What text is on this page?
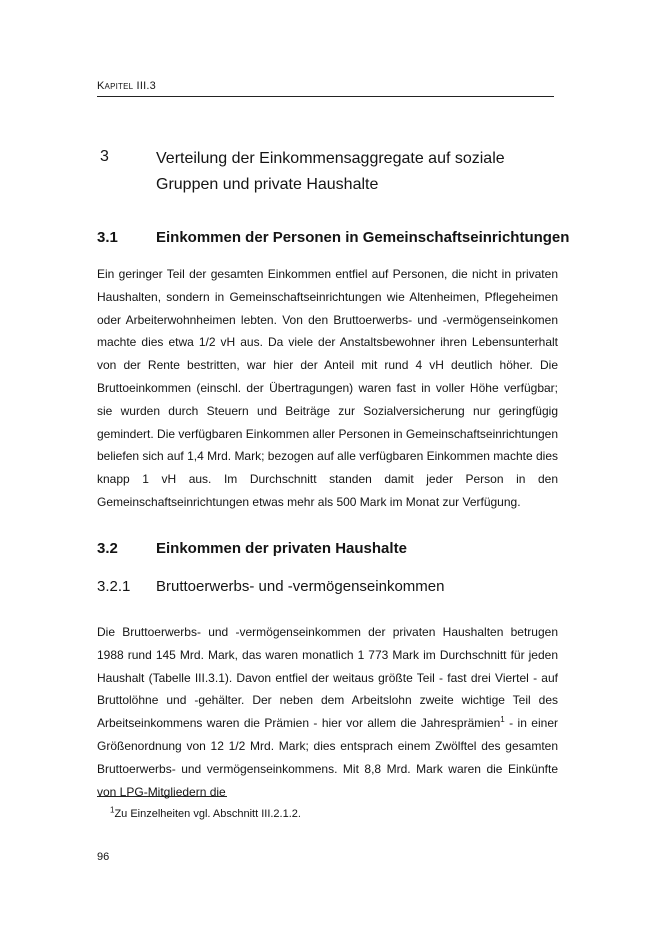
Kapitel III.3
3	Verteilung der Einkommensaggregate auf soziale Gruppen und private Haushalte
3.1	Einkommen der Personen in Gemeinschaftseinrichtungen
Ein geringer Teil der gesamten Einkommen entfiel auf Personen, die nicht in privaten Haushalten, sondern in Gemeinschaftseinrichtungen wie Altenheimen, Pflegeheimen oder Arbeiterwohnheimen lebten. Von den Bruttoerwerbs- und -vermögenseinkomen machte dies etwa 1/2 vH aus. Da viele der Anstaltsbewohner ihren Lebensunterhalt von der Rente bestritten, war hier der Anteil mit rund 4 vH deutlich höher. Die Bruttoeinkommen (einschl. der Übertragungen) waren fast in voller Höhe verfügbar; sie wurden durch Steuern und Beiträge zur Sozialversicherung nur geringfügig gemindert. Die verfügbaren Einkommen aller Personen in Gemeinschaftseinrichtungen beliefen sich auf 1,4 Mrd. Mark; bezogen auf alle verfügbaren Einkommen machte dies knapp 1 vH aus. Im Durchschnitt standen damit jeder Person in den Gemeinschaftseinrichtungen etwas mehr als 500 Mark im Monat zur Verfügung.
3.2	Einkommen der privaten Haushalte
3.2.1 Bruttoerwerbs- und -vermögenseinkommen
Die Bruttoerwerbs- und -vermögenseinkommen der privaten Haushalten betrugen 1988 rund 145 Mrd. Mark, das waren monatlich 1 773 Mark im Durchschnitt für jeden Haushalt (Tabelle III.3.1). Davon entfiel der weitaus größte Teil - fast drei Viertel - auf Bruttolöhne und -gehälter. Der neben dem Arbeitslohn zweite wichtige Teil des Arbeitseinkommens waren die Prämien - hier vor allem die Jahresprämien$^1$ - in einer Größenordnung von 12 1/2 Mrd. Mark; dies entsprach einem Zwölftel des gesamten Bruttoerwerbs- und vermögenseinkommens. Mit 8,8 Mrd. Mark waren die Einkünfte von LPG-Mitgliedern die
$^1$Zu Einzelheiten vgl. Abschnitt III.2.1.2.
96
